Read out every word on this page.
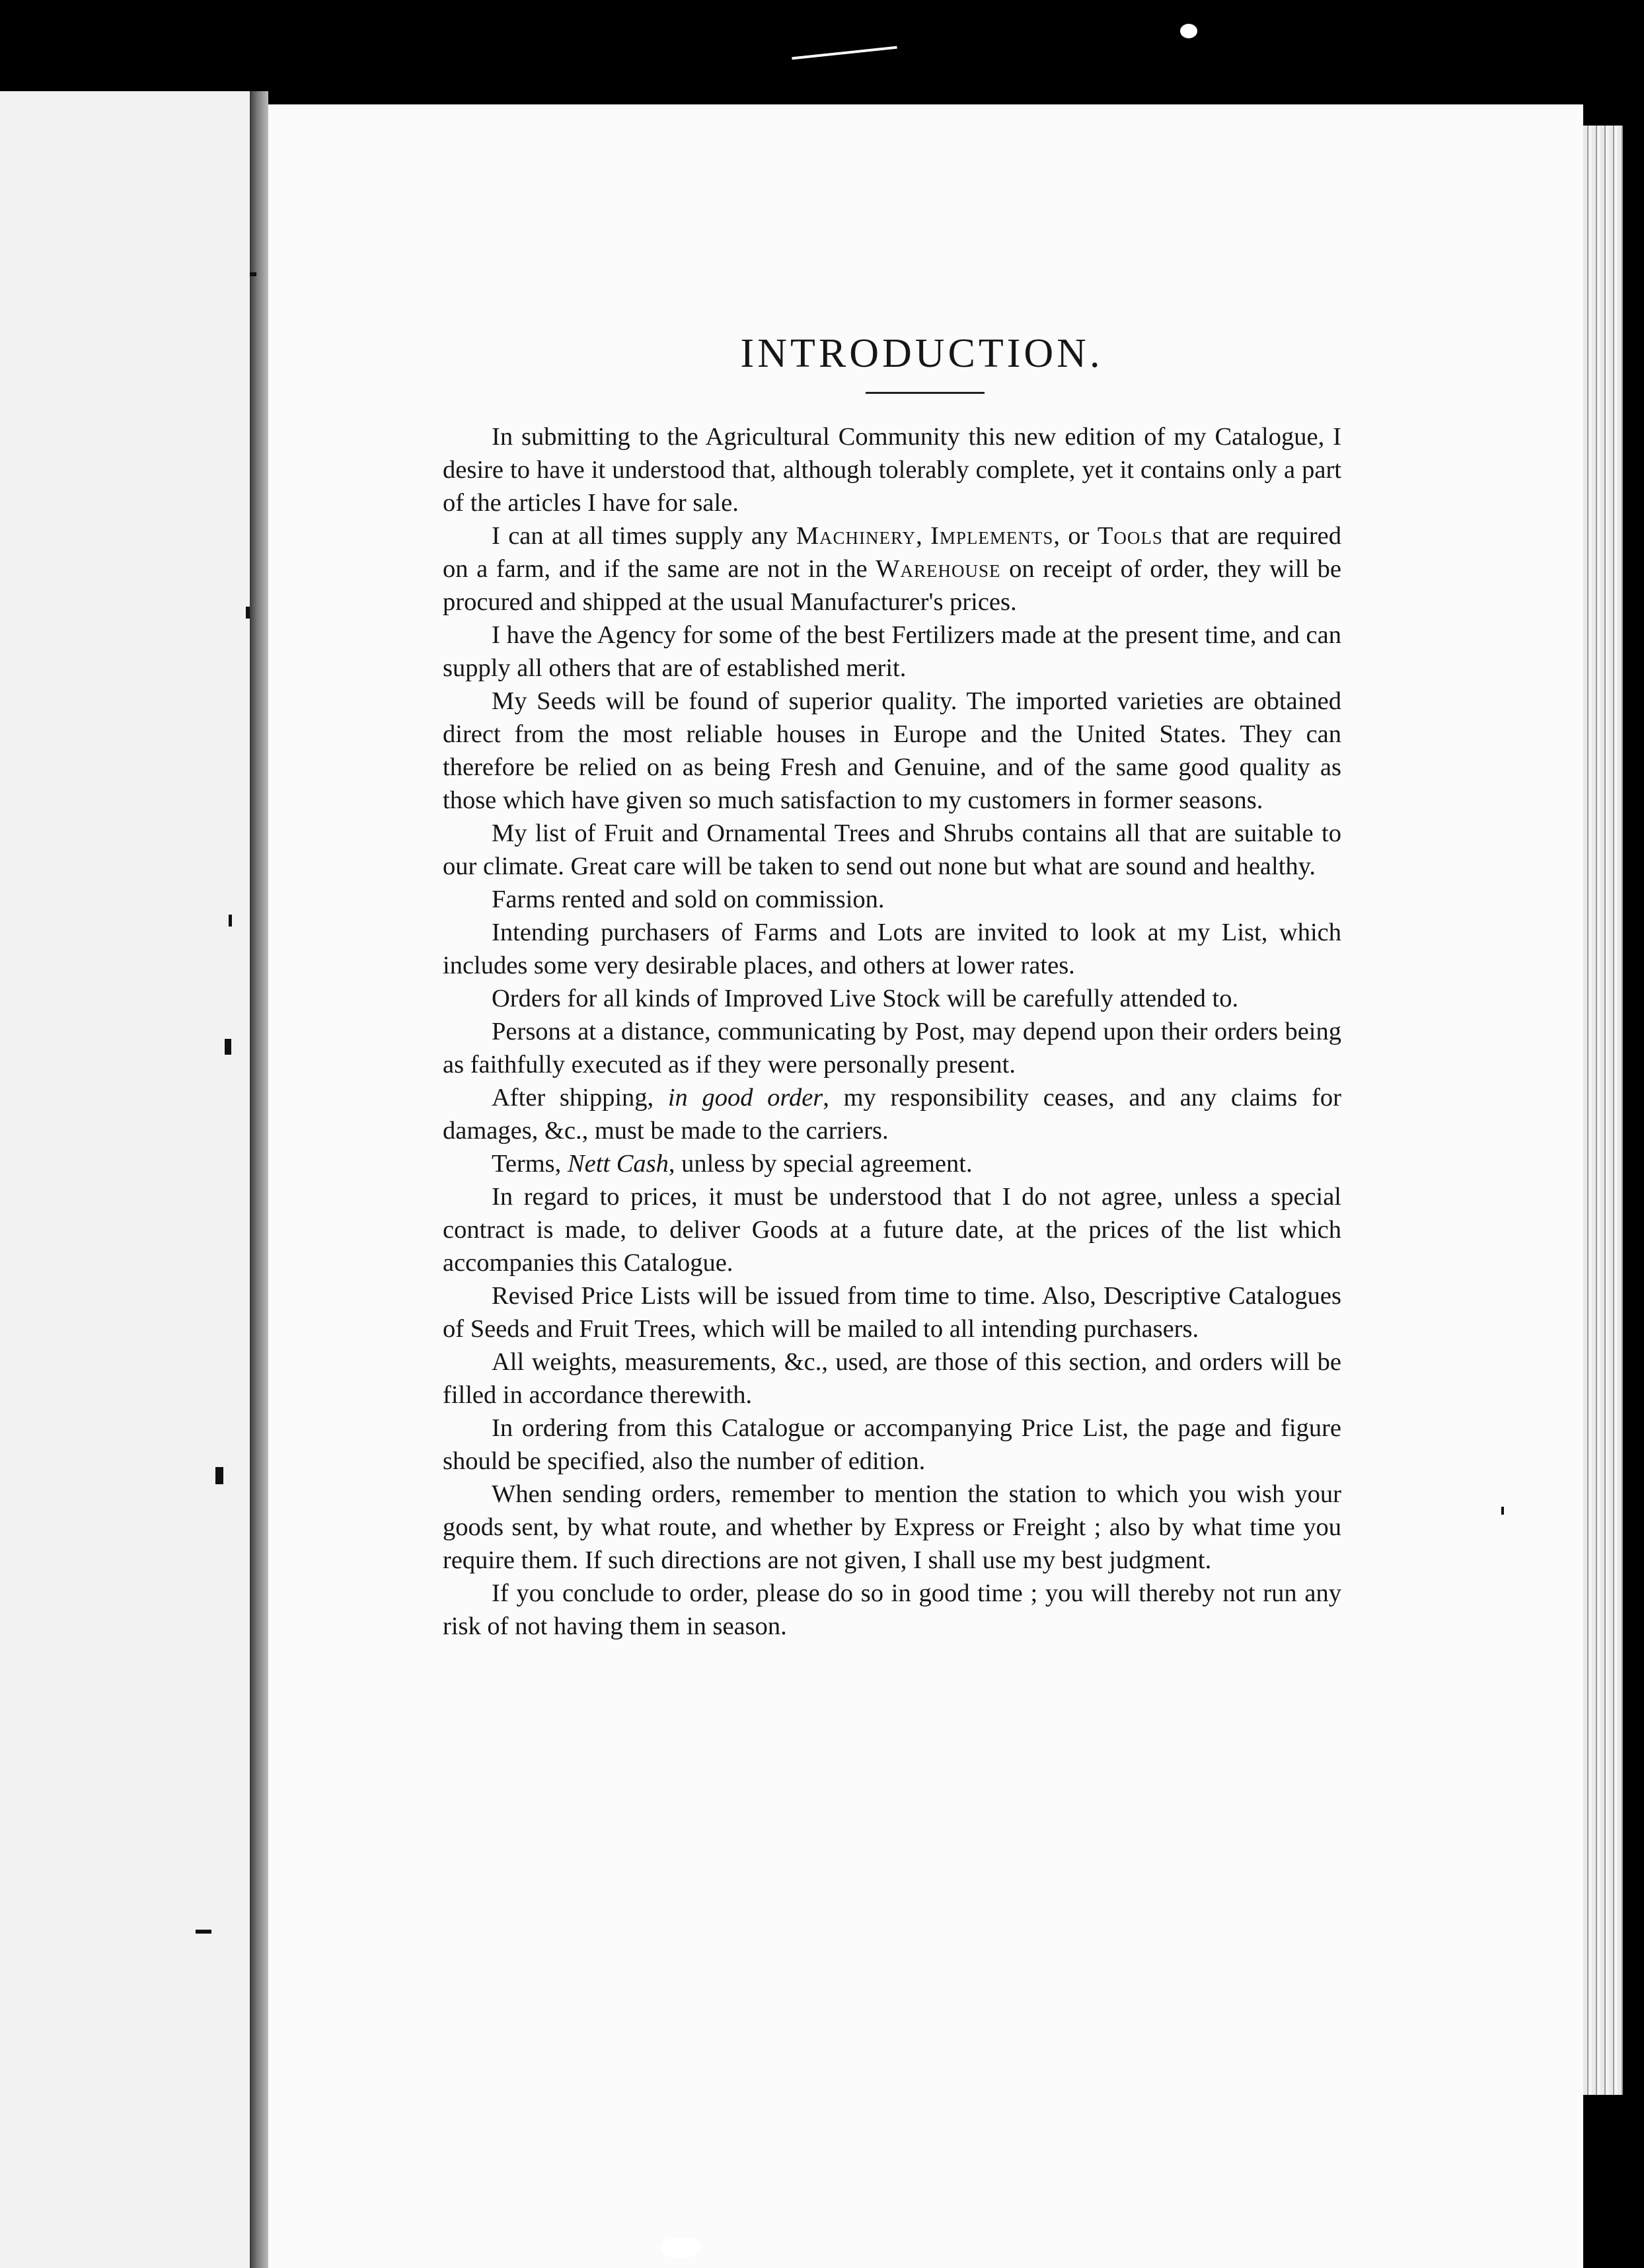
INTRODUCTION.

In submitting to the Agricultural Community this new edition of my Catalogue, I desire to have it understood that, although tolerably complete, yet it contains only a part of the articles I have for sale.

I can at all times supply any Machinery, Implements, or Tools that are required on a farm, and if the same are not in the Warehouse on receipt of order, they will be procured and shipped at the usual Manufacturer's prices.

I have the Agency for some of the best Fertilizers made at the present time, and can supply all others that are of established merit.

My Seeds will be found of superior quality. The imported varieties are obtained direct from the most reliable houses in Europe and the United States. They can therefore be relied on as being Fresh and Genuine, and of the same good quality as those which have given so much satisfaction to my customers in former seasons.

My list of Fruit and Ornamental Trees and Shrubs contains all that are suitable to our climate. Great care will be taken to send out none but what are sound and healthy.

Farms rented and sold on commission.

Intending purchasers of Farms and Lots are invited to look at my List, which includes some very desirable places, and others at lower rates.

Orders for all kinds of Improved Live Stock will be carefully attended to.

Persons at a distance, communicating by Post, may depend upon their orders being as faithfully executed as if they were personally present.

After shipping, in good order, my responsibility ceases, and any claims for damages, &c., must be made to the carriers.

Terms, Nett Cash, unless by special agreement.

In regard to prices, it must be understood that I do not agree, unless a special contract is made, to deliver Goods at a future date, at the prices of the list which accompanies this Catalogue.

Revised Price Lists will be issued from time to time. Also, Descriptive Catalogues of Seeds and Fruit Trees, which will be mailed to all intending purchasers.

All weights, measurements, &c., used, are those of this section, and orders will be filled in accordance therewith.

In ordering from this Catalogue or accompanying Price List, the page and figure should be specified, also the number of edition.

When sending orders, remember to mention the station to which you wish your goods sent, by what route, and whether by Express or Freight ; also by what time you require them. If such directions are not given, I shall use my best judgment.

If you conclude to order, please do so in good time ; you will thereby not run any risk of not having them in season.
